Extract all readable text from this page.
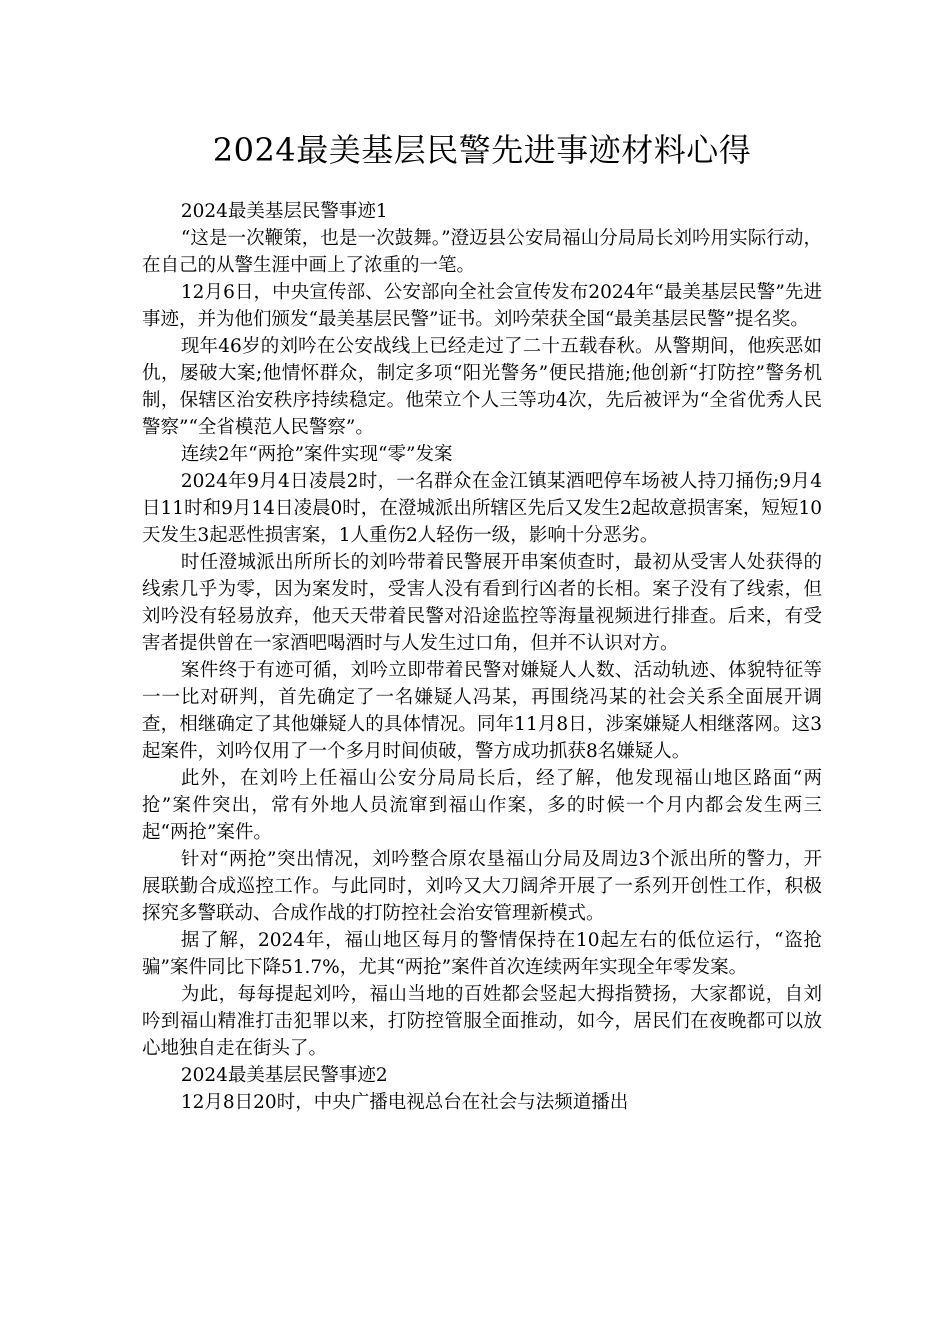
2024最美基层民警先进事迹材料心得

2024最美基层民警事迹1

“这是一次鞭策，也是一次鼓舞。”澄迈县公安局福山分局局长刘吟用实际行动，在自己的从警生涯中画上了浓重的一笔。

12月6日，中央宣传部、公安部向全社会宣传发布2024年“最美基层民警”先进事迹，并为他们颁发“最美基层民警”证书。刘吟荣获全国“最美基层民警”提名奖。

现年46岁的刘吟在公安战线上已经走过了二十五载春秋。从警期间，他疾恶如仇，屡破大案;他情怀群众，制定多项“阳光警务”便民措施;他创新“打防控”警务机制，保辖区治安秩序持续稳定。他荣立个人三等功4次，先后被评为“全省优秀人民警察”“全省模范人民警察”。

连续2年“两抢”案件实现“零”发案

2024年9月4日凌晨2时，一名群众在金江镇某酒吧停车场被人持刀捅伤;9月4日11时和9月14日凌晨0时，在澄城派出所辖区先后又发生2起故意损害案，短短10天发生3起恶性损害案，1人重伤2人轻伤一级，影响十分恶劣。

时任澄城派出所所长的刘吟带着民警展开串案侦查时，最初从受害人处获得的线索几乎为零，因为案发时，受害人没有看到行凶者的长相。案子没有了线索，但刘吟没有轻易放弃，他天天带着民警对沿途监控等海量视频进行排查。后来，有受害者提供曾在一家酒吧喝酒时与人发生过口角，但并不认识对方。

案件终于有迹可循，刘吟立即带着民警对嫌疑人人数、活动轨迹、体貌特征等一一比对研判，首先确定了一名嫌疑人冯某，再围绕冯某的社会关系全面展开调查，相继确定了其他嫌疑人的具体情况。同年11月8日，涉案嫌疑人相继落网。这3起案件，刘吟仅用了一个多月时间侦破，警方成功抓获8名嫌疑人。

此外，在刘吟上任福山公安分局局长后，经了解，他发现福山地区路面“两抢”案件突出，常有外地人员流窜到福山作案，多的时候一个月内都会发生两三起“两抢”案件。

针对“两抢”突出情况，刘吟整合原农垦福山分局及周边3个派出所的警力，开展联勤合成巡控工作。与此同时，刘吟又大刀阔斧开展了一系列开创性工作，积极探究多警联动、合成作战的打防控社会治安管理新模式。

据了解，2024年，福山地区每月的警情保持在10起左右的低位运行，“盗抢骗”案件同比下降51.7%，尤其“两抢”案件首次连续两年实现全年零发案。

为此，每每提起刘吟，福山当地的百姓都会竖起大拇指赞扬，大家都说，自刘吟到福山精准打击犯罪以来，打防控管服全面推动，如今，居民们在夜晚都可以放心地独自走在街头了。

2024最美基层民警事迹2

12月8日20时，中央广播电视总台在社会与法频道播出
